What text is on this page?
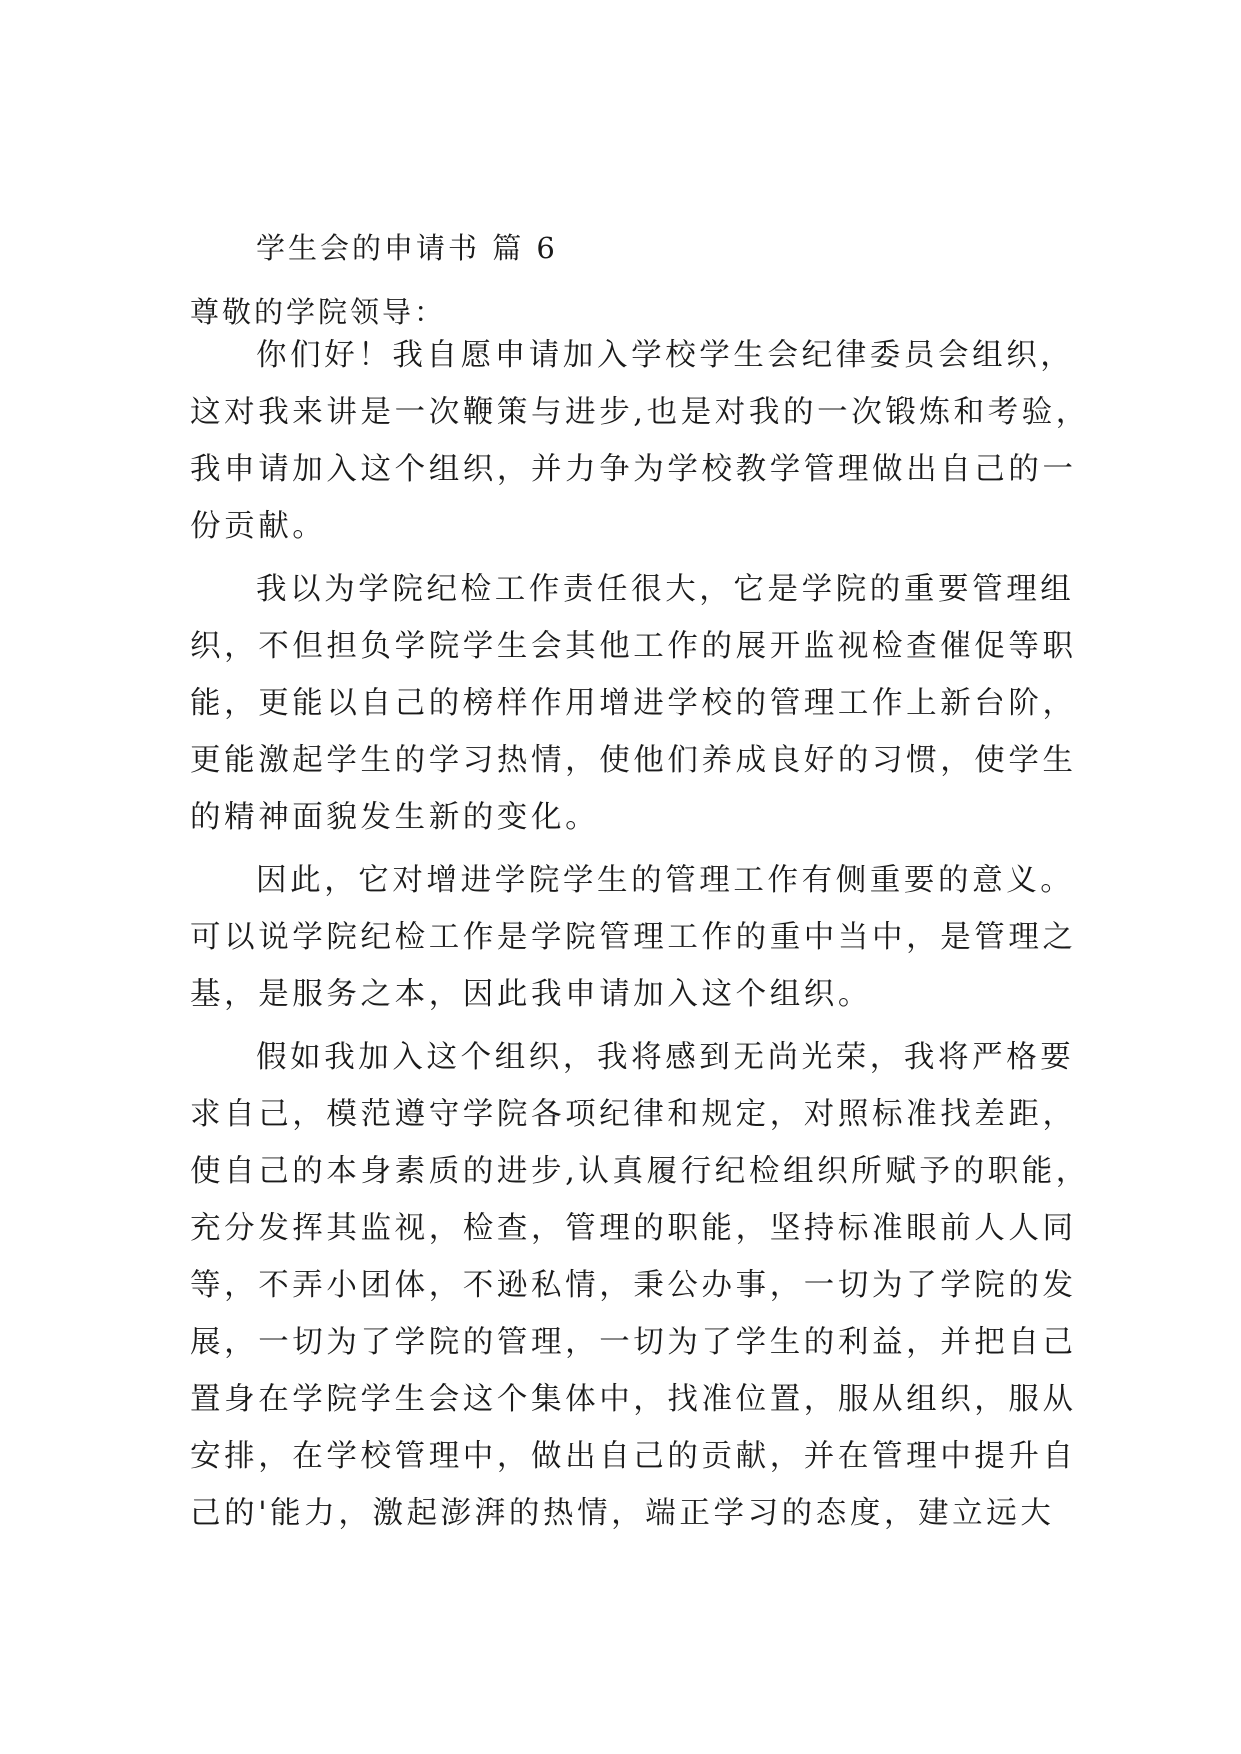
学生会的申请书 篇 6
尊敬的学院领导：
你们好！我自愿申请加入学校学生会纪律委员会组织，
这对我来讲是一次鞭策与进步,也是对我的一次锻炼和考验，
我申请加入这个组织，并力争为学校教学管理做出自己的一
份贡献。
我以为学院纪检工作责任很大，它是学院的重要管理组
织，不但担负学院学生会其他工作的展开监视检查催促等职
能，更能以自己的榜样作用增进学校的管理工作上新台阶，
更能激起学生的学习热情，使他们养成良好的习惯，使学生
的精神面貌发生新的变化。
因此，它对增进学院学生的管理工作有侧重要的意义。
可以说学院纪检工作是学院管理工作的重中当中，是管理之
基，是服务之本，因此我申请加入这个组织。
假如我加入这个组织，我将感到无尚光荣，我将严格要
求自己，模范遵守学院各项纪律和规定，对照标准找差距，
使自己的本身素质的进步,认真履行纪检组织所赋予的职能，
充分发挥其监视，检查，管理的职能，坚持标准眼前人人同
等，不弄小团体，不逊私情，秉公办事，一切为了学院的发
展，一切为了学院的管理，一切为了学生的利益，并把自己
置身在学院学生会这个集体中，找准位置，服从组织，服从
安排，在学校管理中，做出自己的贡献，并在管理中提升自
己的'能力，激起澎湃的热情，端正学习的态度，建立远大
